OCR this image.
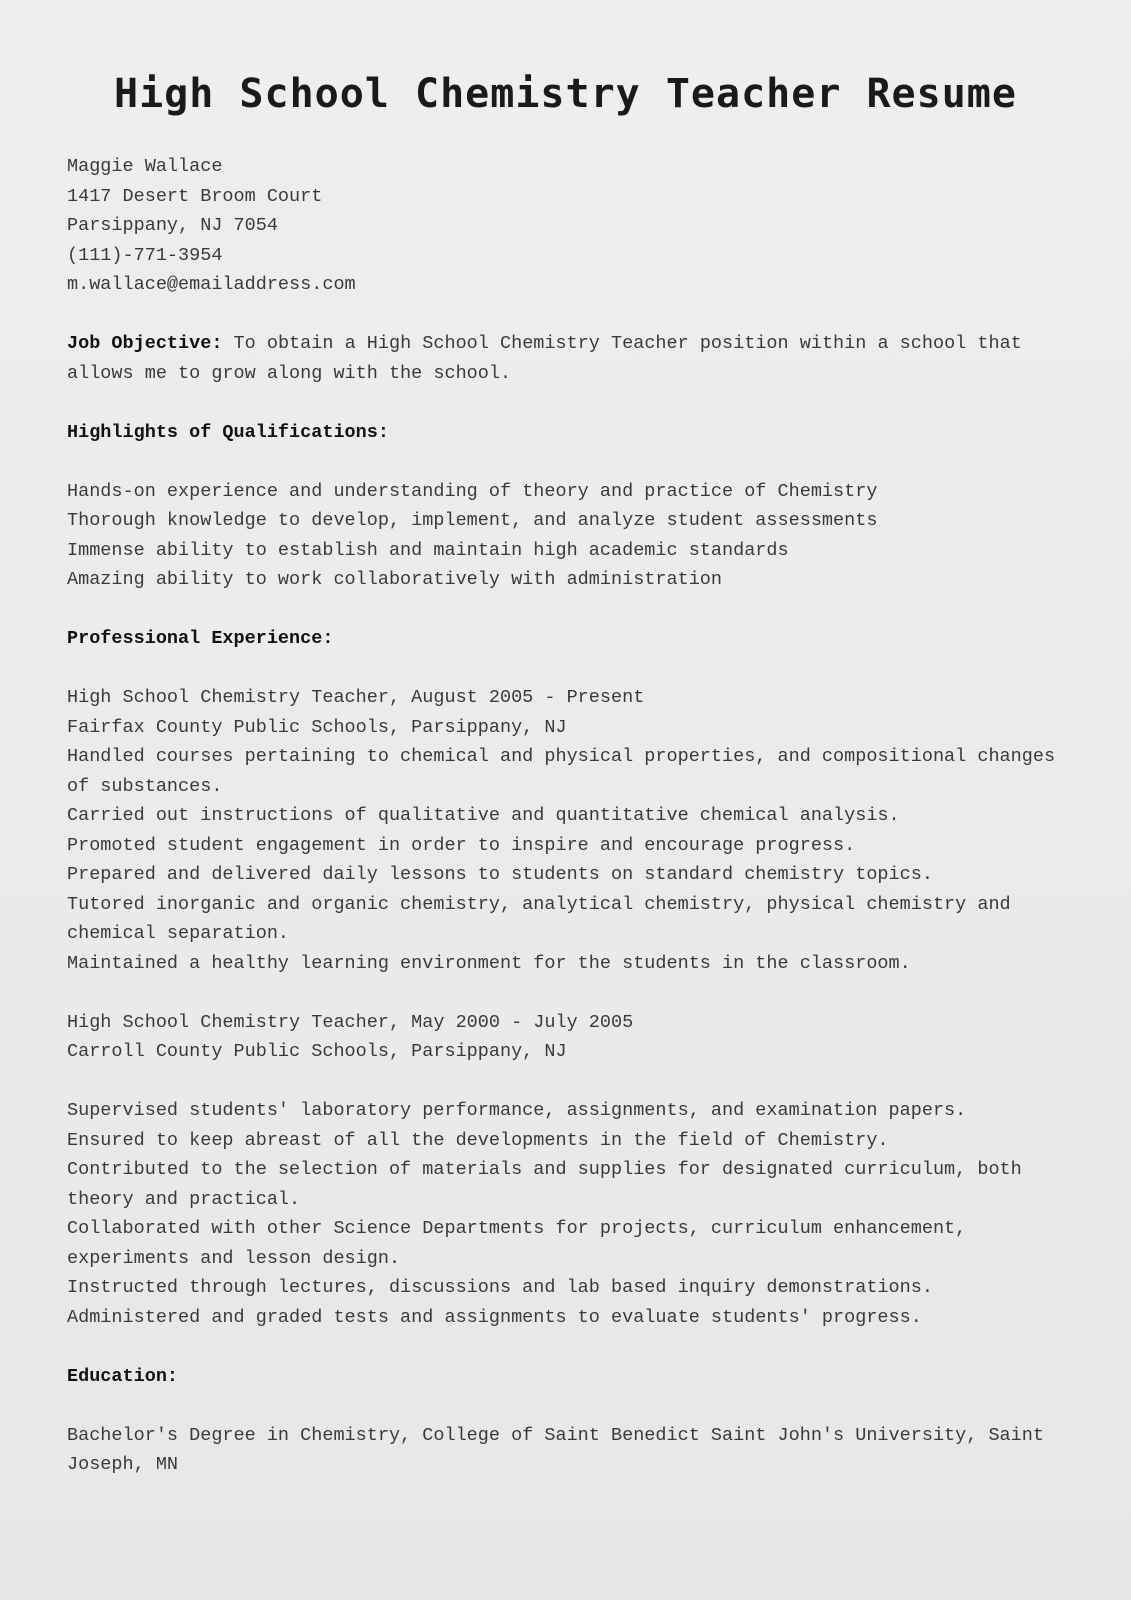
High School Chemistry Teacher Resume
Maggie Wallace
1417 Desert Broom Court
Parsippany, NJ 7054
(111)-771-3954
m.wallace@emailaddress.com
Job Objective: To obtain a High School Chemistry Teacher position within a school that allows me to grow along with the school.
Highlights of Qualifications:
Hands-on experience and understanding of theory and practice of Chemistry
Thorough knowledge to develop, implement, and analyze student assessments
Immense ability to establish and maintain high academic standards
Amazing ability to work collaboratively with administration
Professional Experience:
High School Chemistry Teacher, August 2005 - Present
Fairfax County Public Schools, Parsippany, NJ
Handled courses pertaining to chemical and physical properties, and compositional changes of substances.
Carried out instructions of qualitative and quantitative chemical analysis.
Promoted student engagement in order to inspire and encourage progress.
Prepared and delivered daily lessons to students on standard chemistry topics.
Tutored inorganic and organic chemistry, analytical chemistry, physical chemistry and chemical separation.
Maintained a healthy learning environment for the students in the classroom.
High School Chemistry Teacher, May 2000 - July 2005
Carroll County Public Schools, Parsippany, NJ
Supervised students' laboratory performance, assignments, and examination papers.
Ensured to keep abreast of all the developments in the field of Chemistry.
Contributed to the selection of materials and supplies for designated curriculum, both theory and practical.
Collaborated with other Science Departments for projects, curriculum enhancement, experiments and lesson design.
Instructed through lectures, discussions and lab based inquiry demonstrations.
Administered and graded tests and assignments to evaluate students' progress.
Education:
Bachelor's Degree in Chemistry, College of Saint Benedict Saint John's University, Saint Joseph, MN
